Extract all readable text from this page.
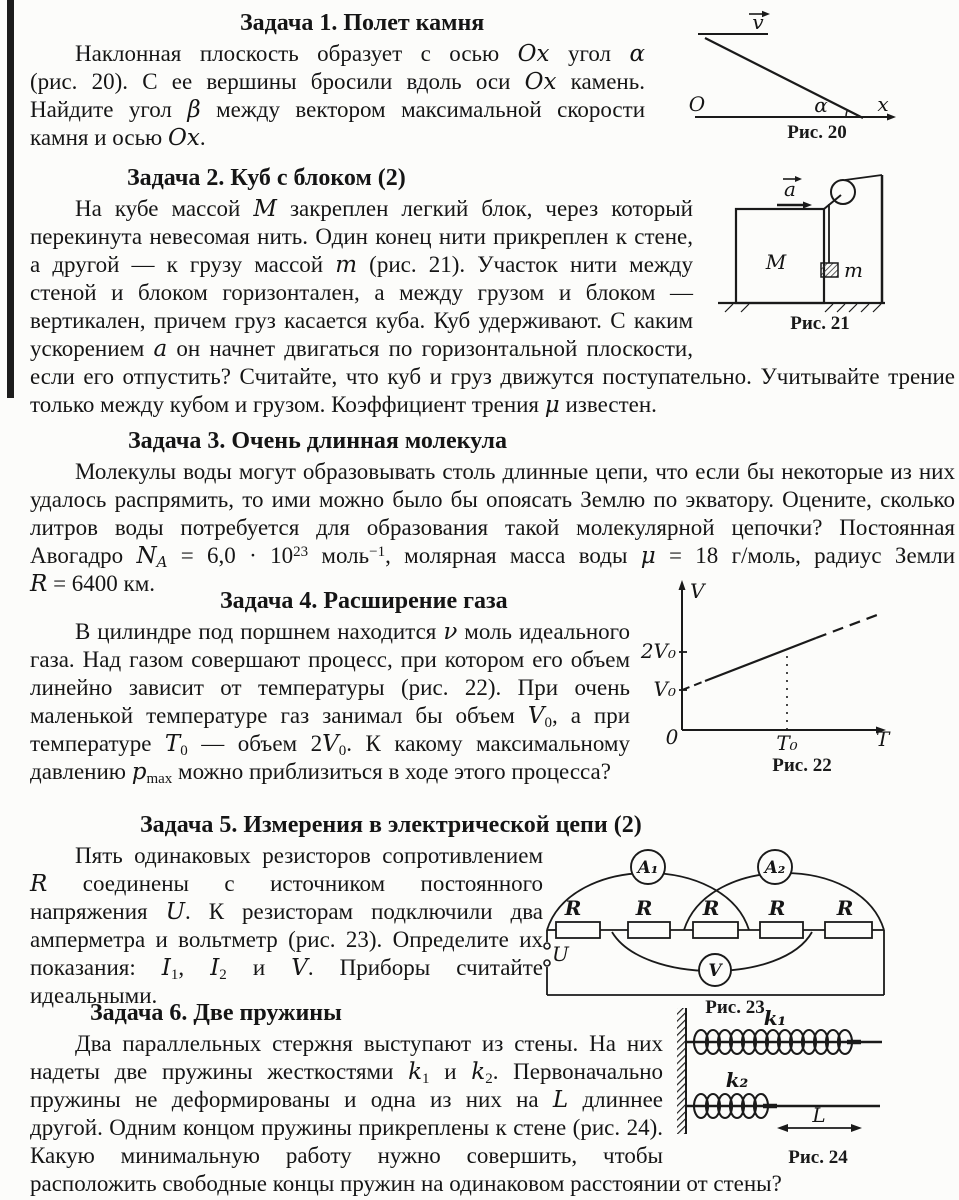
Задача 1. Полет камня	v
O	x
α
Рис. 20

Наклонная плоскость образует с осью Ox угол α (рис. 20). С ее вершины бросили вдоль оси Ox камень. Найдите угол β между вектором максимальной скорости камня и осью Ox.

Задача 2. Куб с блоком (2)	a
M	m
Рис. 21

На кубе массой M закреплен легкий блок, через который перекинута невесомая нить. Один конец нити прикреплен к стене, а другой — к грузу массой m (рис. 21). Участок нити между стеной и блоком горизонтален, а между грузом и блоком — вертикален, причем груз касается куба. Куб удерживают. С каким ускорением a он начнет двигаться по горизонтальной плоскости, если его отпустить? Считайте, что куб и груз движутся поступательно. Учитывайте трение только между кубом и грузом. Коэффициент трения μ известен.

Задача 3. Очень длинная молекула

Молекулы воды могут образовывать столь длинные цепи, что если бы некоторые из них удалось распрямить, то ими можно было бы опоясать Землю по экватору. Оцените, сколько литров воды потребуется для образования такой молекулярной цепочки? Постоянная Авогадро $N_A = 6,0 \cdot 10^{23}$ моль$^{-1}$, молярная масса воды μ = 18 г/моль, радиус Земли R = 6400 км.

Задача 4. Расширение газа	V
T
0
V₀
2V₀
T₀
Рис. 22

В цилиндре под поршнем находится ν моль идеального газа. Над газом совершают процесс, при котором его объем линейно зависит от температуры (рис. 22). При очень маленькой температуре газ занимал бы объем $V_0$, а при температуре $T_0$ — объем $2V_0$. К какому максимальному давлению $p_{max}$ можно приблизиться в ходе этого процесса?

Задача 5. Измерения в электрической цепи (2)
A₁	A₂
V
U
R	R	R R	R
Рис. 23

Пять одинаковых резисторов сопротивлением R соединены с источником постоянного напряжения U. К резисторам подключили два амперметра и вольтметр (рис. 23). Определите их показания: $I_1$, $I_2$ и V. Приборы считайте идеальными.

Задача 6. Две пружины	k₁
k₂
L
Рис. 24

Два параллельных стержня выступают из стены. На них надеты две пружины жесткостями $k_1$ и $k_2$. Первоначально пружины не деформированы и одна из них на L длиннее другой. Одним концом пружины прикреплены к стене (рис. 24). Какую минимальную работу нужно совершить, чтобы расположить свободные концы пружин на одинаковом расстоянии от стены?
